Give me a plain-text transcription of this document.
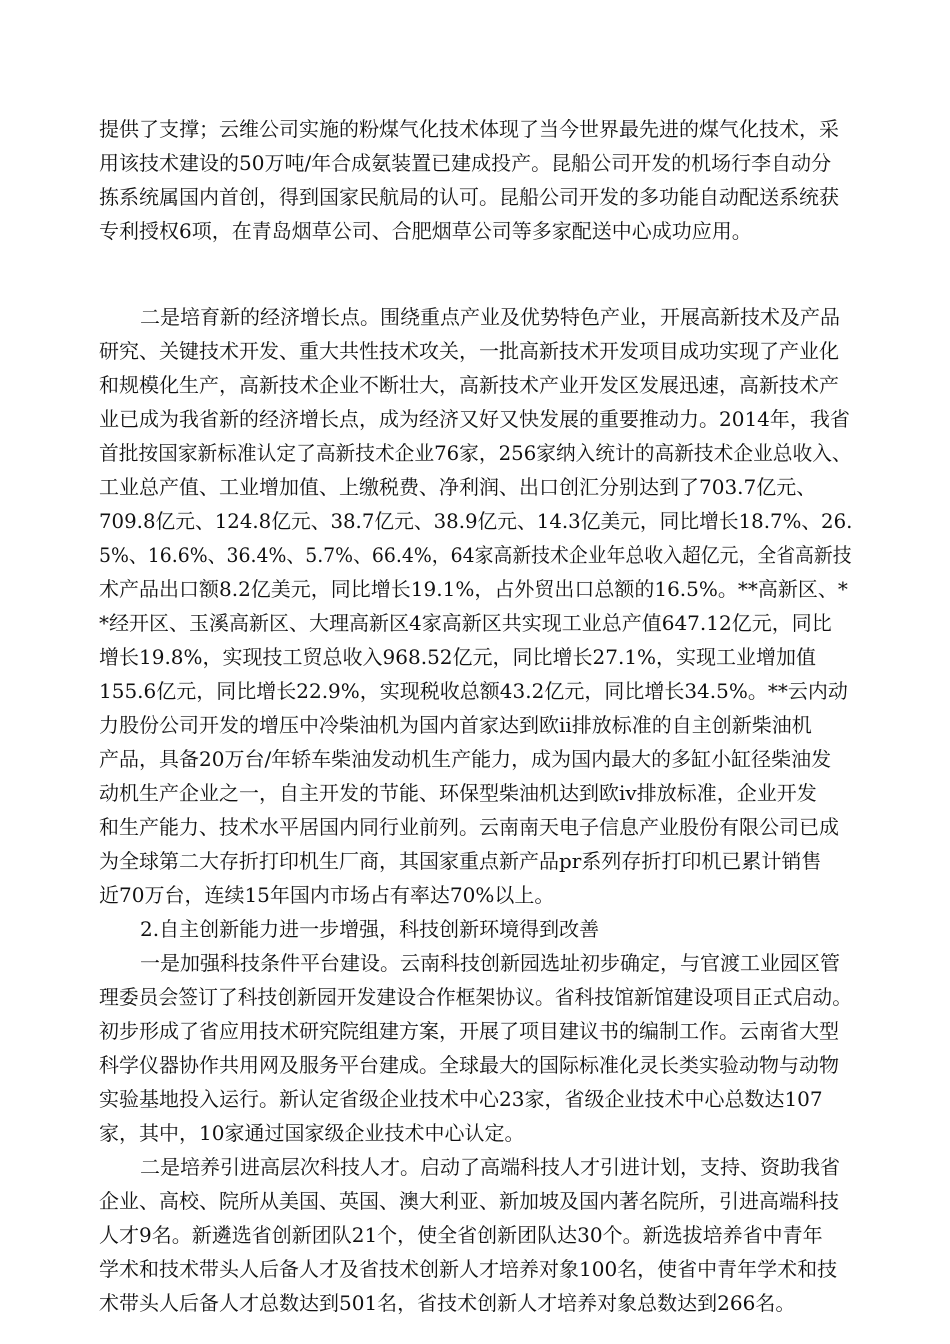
提供了支撑；云维公司实施的粉煤气化技术体现了当今世界最先进的煤气化技术，采
用该技术建设的50万吨/年合成氨装置已建成投产。昆船公司开发的机场行李自动分
拣系统属国内首创，得到国家民航局的认可。昆船公司开发的多功能自动配送系统获
专利授权6项，在青岛烟草公司、合肥烟草公司等多家配送中心成功应用。
二是培育新的经济增长点。围绕重点产业及优势特色产业，开展高新技术及产品
研究、关键技术开发、重大共性技术攻关，一批高新技术开发项目成功实现了产业化
和规模化生产，高新技术企业不断壮大，高新技术产业开发区发展迅速，高新技术产
业已成为我省新的经济增长点，成为经济又好又快发展的重要推动力。2014年，我省
首批按国家新标准认定了高新技术企业76家，256家纳入统计的高新技术企业总收入、
工业总产值、工业增加值、上缴税费、净利润、出口创汇分别达到了703.7亿元、
709.8亿元、124.8亿元、38.7亿元、38.9亿元、14.3亿美元，同比增长18.7%、26.
5%、16.6%、36.4%、5.7%、66.4%，64家高新技术企业年总收入超亿元，全省高新技
术产品出口额8.2亿美元，同比增长19.1%，占外贸出口总额的16.5%。**高新区、*
*经开区、玉溪高新区、大理高新区4家高新区共实现工业总产值647.12亿元，同比
增长19.8%，实现技工贸总收入968.52亿元，同比增长27.1%，实现工业增加值
155.6亿元，同比增长22.9%，实现税收总额43.2亿元，同比增长34.5%。**云内动
力股份公司开发的增压中冷柴油机为国内首家达到欧ii排放标准的自主创新柴油机
产品，具备20万台/年轿车柴油发动机生产能力，成为国内最大的多缸小缸径柴油发
动机生产企业之一，自主开发的节能、环保型柴油机达到欧iv排放标准，企业开发
和生产能力、技术水平居国内同行业前列。云南南天电子信息产业股份有限公司已成
为全球第二大存折打印机生厂商，其国家重点新产品pr系列存折打印机已累计销售
近70万台，连续15年国内市场占有率达70%以上。
2.自主创新能力进一步增强，科技创新环境得到改善
一是加强科技条件平台建设。云南科技创新园选址初步确定，与官渡工业园区管
理委员会签订了科技创新园开发建设合作框架协议。省科技馆新馆建设项目正式启动。
初步形成了省应用技术研究院组建方案，开展了项目建议书的编制工作。云南省大型
科学仪器协作共用网及服务平台建成。全球最大的国际标准化灵长类实验动物与动物
实验基地投入运行。新认定省级企业技术中心23家，省级企业技术中心总数达107
家，其中，10家通过国家级企业技术中心认定。
二是培养引进高层次科技人才。启动了高端科技人才引进计划，支持、资助我省
企业、高校、院所从美国、英国、澳大利亚、新加坡及国内著名院所，引进高端科技
人才9名。新遴选省创新团队21个，使全省创新团队达30个。新选拔培养省中青年
学术和技术带头人后备人才及省技术创新人才培养对象100名，使省中青年学术和技
术带头人后备人才总数达到501名，省技术创新人才培养对象总数达到266名。
